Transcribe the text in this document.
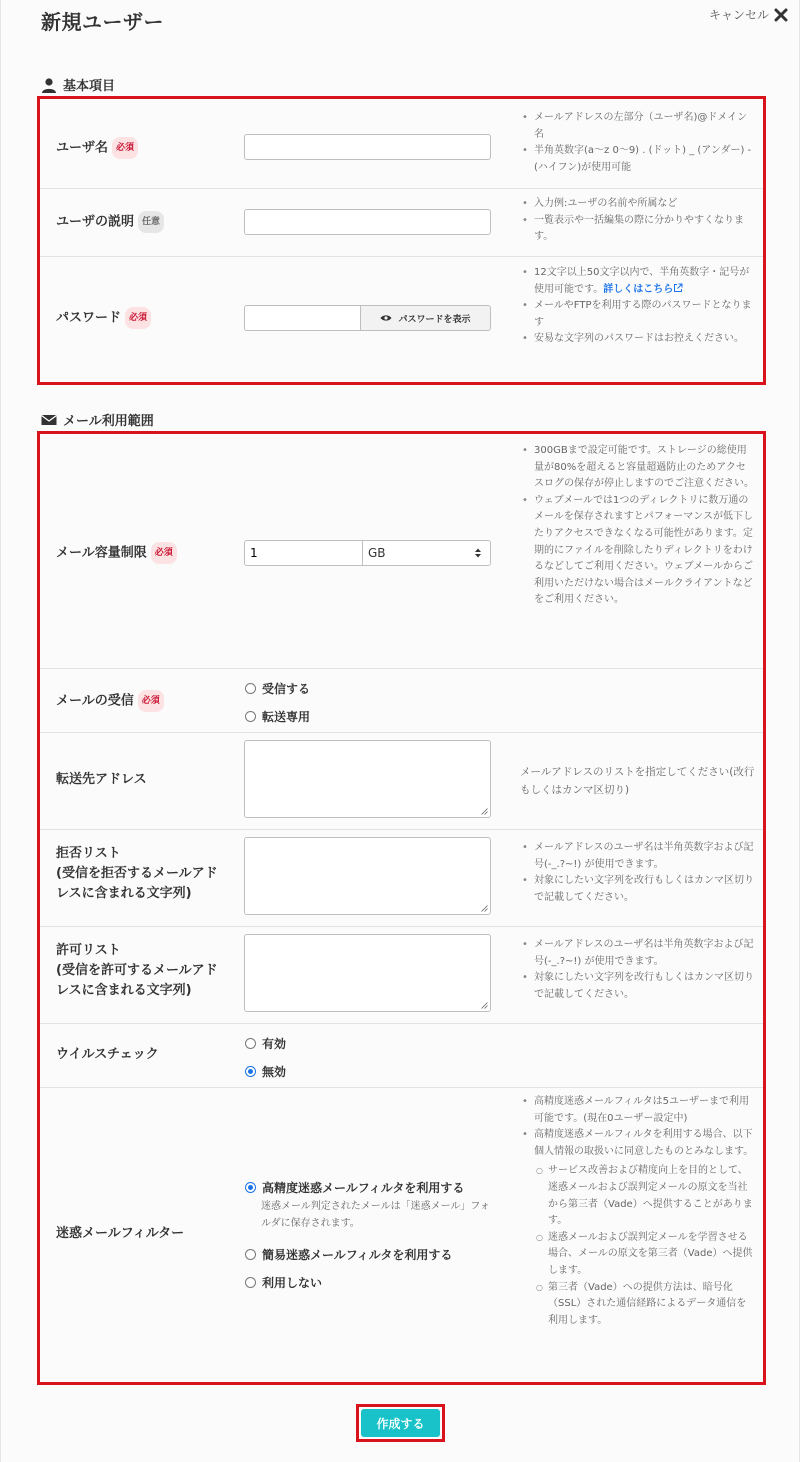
新規ユーザー	キャンセル
基本項目
ユーザ名 必須
• メールアドレスの左部分（ユーザ名)@ドメイン名
• 半角英数字(a〜z 0〜9) . (ドット) _ (アンダー) - (ハイフン)が使用可能
ユーザの説明 任意
• 入力例:ユーザの名前や所属など
• 一覧表示や一括編集の際に分かりやすくなります。
パスワード 必須	パスワードを表示
• 12文字以上50文字以内で、半角英数字・記号が使用可能です。詳しくはこちら
• メールやFTPを利用する際のパスワードとなります
• 安易な文字列のパスワードはお控えください。
メール利用範囲
メール容量制限 必須	1	GB
• 300GBまで設定可能です。ストレージの総使用量が80%を超えると容量超過防止のためアクセスログの保存が停止しますのでご注意ください。
• ウェブメールでは1つのディレクトリに数万通のメールを保存されますとパフォーマンスが低下したりアクセスできなくなる可能性があります。定期的にファイルを削除したりディレクトリをわけるなどしてご利用ください。ウェブメールからご利用いただけない場合はメールクライアントなどをご利用ください。
メールの受信 必須
受信する
転送専用
転送先アドレス	メールアドレスのリストを指定してください(改行もしくはカンマ区切り)
拒否リスト
(受信を拒否するメールアド
レスに含まれる文字列)
• メールアドレスのユーザ名は半角英数字および記号(-_.?~!) が使用できます。
• 対象にしたい文字列を改行もしくはカンマ区切りで記載してください。
許可リスト
(受信を許可するメールアド
レスに含まれる文字列)
• メールアドレスのユーザ名は半角英数字および記号(-_.?~!) が使用できます。
• 対象にしたい文字列を改行もしくはカンマ区切りで記載してください。
ウイルスチェック
有効
無効
迷惑メールフィルター
高精度迷惑メールフィルタを利用する
迷惑メール判定されたメールは「迷惑メール」フォルダに保存されます。
簡易迷惑メールフィルタを利用する
利用しない
• 高精度迷惑メールフィルタは5ユーザーまで利用可能です。(現在0ユーザー設定中)
• 高精度迷惑メールフィルタを利用する場合、以下個人情報の取扱いに同意したものとみなします。
○ サービス改善および精度向上を目的として、迷惑メールおよび誤判定メールの原文を当社から第三者（Vade）へ提供することがあります。
○ 迷惑メールおよび誤判定メールを学習させる場合、メールの原文を第三者（Vade）へ提供します。
○ 第三者（Vade）への提供方法は、暗号化（SSL）された通信経路によるデータ通信を利用します。
作成する
